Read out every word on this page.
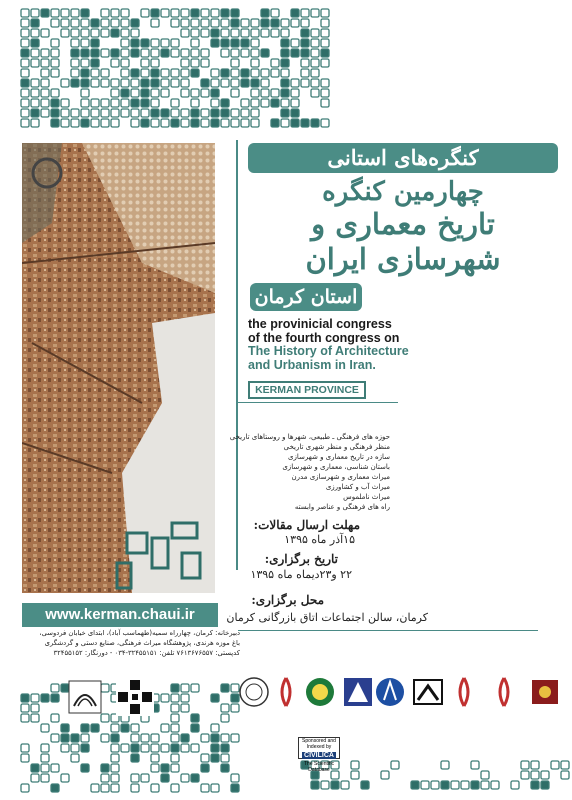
کنگره‌های استانی
چهارمین کنگره
تاریخ معماری و
شهرسازی ایران
استان کرمان
the provinicial congress
of the fourth congress on
The History of Architecture
and Urbanism in Iran.
KERMAN PROVINCE
حوزه های فرهنگی ـ طبیعی، شهرها و روستاهای تاریخی
منظر فرهنگی و منظر شهری تاریخی
سازه در تاریخ معماری و شهرسازی
باستان شناسی، معماری و شهرسازی
میراث معماری و شهرسازی مدرن
میراث آب و کشاورزی
میراث ناملموس
راه های فرهنگی و عناصر وابسته
مهلت ارسال مقالات:
۱۵آذر ماه ۱۳۹۵
تاریخ برگزاری:
۲۲ و۲۳دیماه ماه ۱۳۹۵
محل برگزاری:
کرمان، سالن اجتماعات اتاق بازرگانی کرمان
www.kerman.chaui.ir
دبیرخانه: کرمان، چهارراه سمیه(طهماسب آباد)، ابتدای خیابان فردوسی،
باغ موزه هرندی، پژوهشگاه میراث فرهنگی، صنایع دستی و گردشگری
کدپستی: ۷۶۱۳۶۷۶۵۵۷ تلفن: ۳۲۴۵۵۱۵۱-۰۳۴ - دورنگار: ۳۲۴۵۵۱۵۲
Sponsored and Indexed by
CIVILICA
The Scientific Database
